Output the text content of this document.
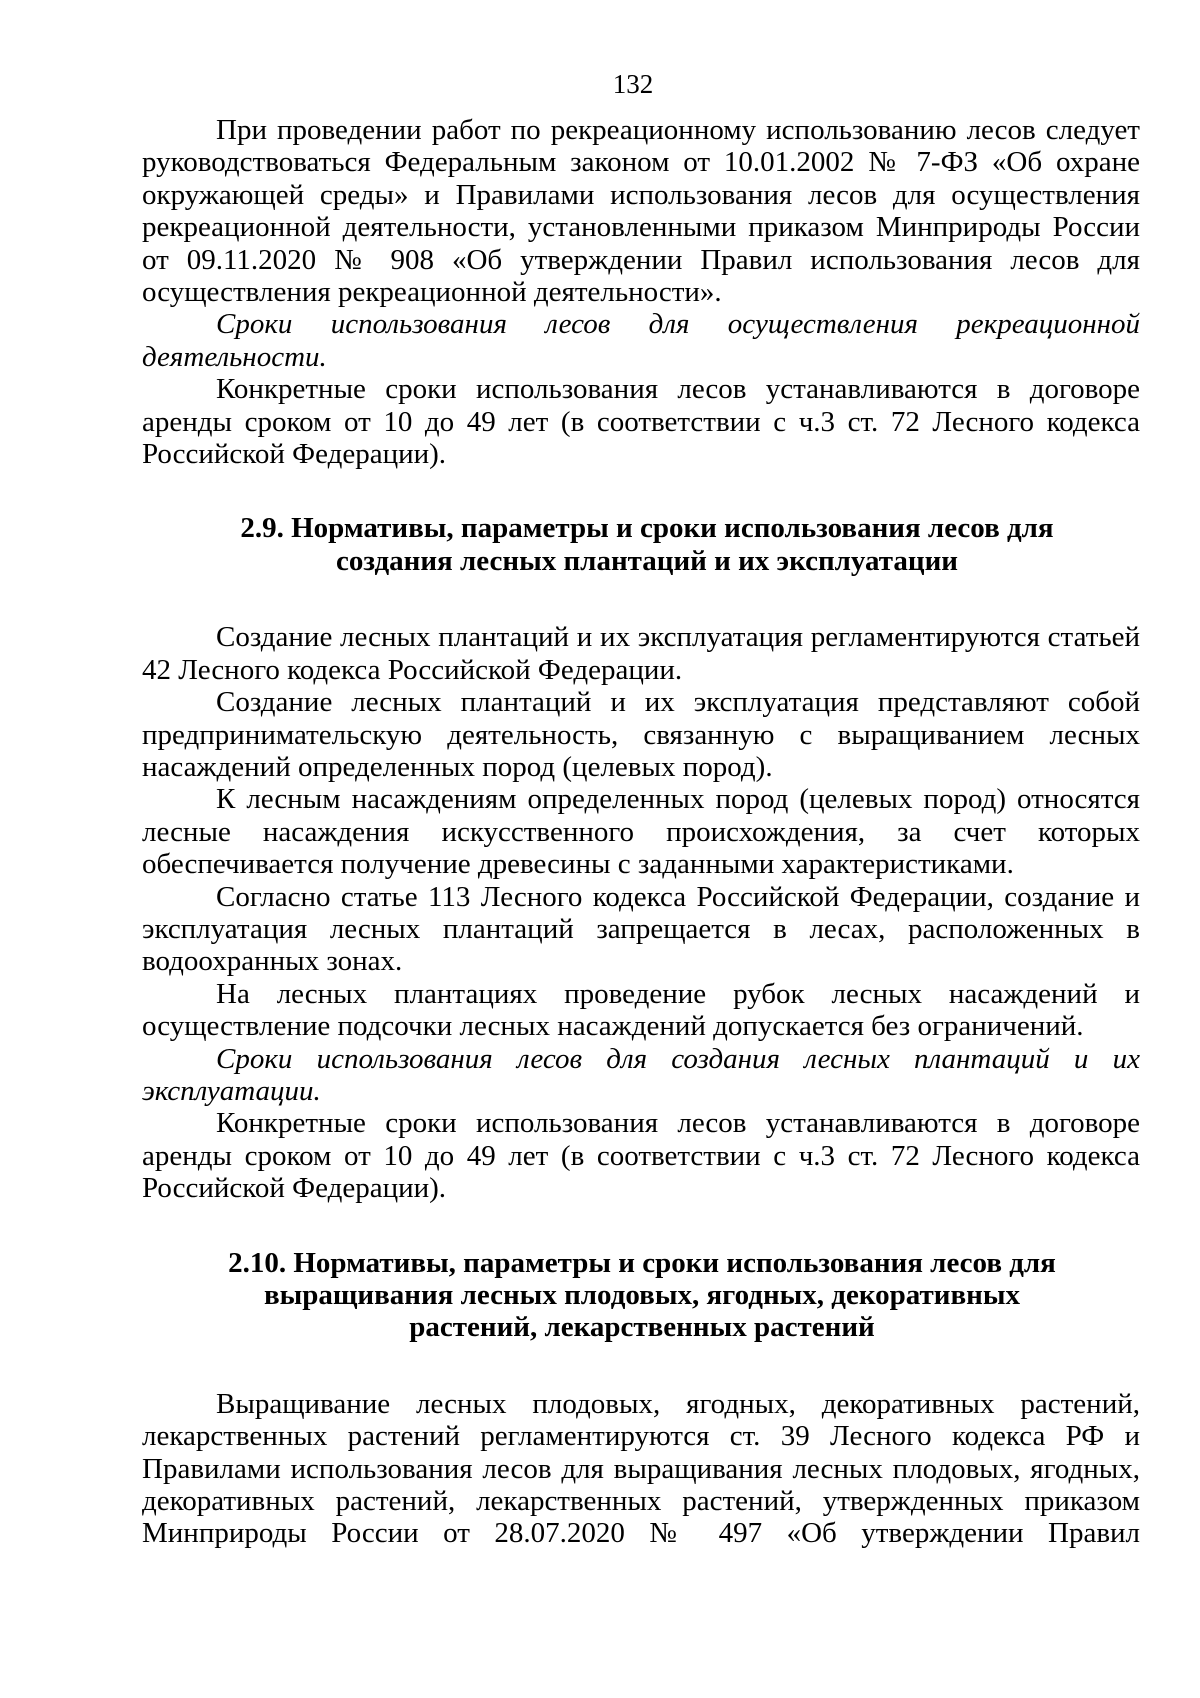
132

При проведении работ по рекреационному использованию лесов следует руководствоваться Федеральным законом от 10.01.2002 № 7-ФЗ «Об охране окружающей среды» и Правилами использования лесов для осуществления рекреационной деятельности, установленными приказом Минприроды России от 09.11.2020 № 908 «Об утверждении Правил использования лесов для осуществления рекреационной деятельности».

Сроки использования лесов для осуществления рекреационной деятельности.

Конкретные сроки использования лесов устанавливаются в договоре аренды сроком от 10 до 49 лет (в соответствии с ч.3 ст. 72 Лесного кодекса Российской Федерации).

2.9. Нормативы, параметры и сроки использования лесов для создания лесных плантаций и их эксплуатации

Создание лесных плантаций и их эксплуатация регламентируются статьей 42 Лесного кодекса Российской Федерации.

Создание лесных плантаций и их эксплуатация представляют собой предпринимательскую деятельность, связанную с выращиванием лесных насаждений определенных пород (целевых пород).

К лесным насаждениям определенных пород (целевых пород) относятся лесные насаждения искусственного происхождения, за счет которых обеспечивается получение древесины с заданными характеристиками.

Согласно статье 113 Лесного кодекса Российской Федерации, создание и эксплуатация лесных плантаций запрещается в лесах, расположенных в водоохранных зонах.

На лесных плантациях проведение рубок лесных насаждений и осуществление подсочки лесных насаждений допускается без ограничений.

Сроки использования лесов для создания лесных плантаций и их эксплуатации.

Конкретные сроки использования лесов устанавливаются в договоре аренды сроком от 10 до 49 лет (в соответствии с ч.3 ст. 72 Лесного кодекса Российской Федерации).

2.10. Нормативы, параметры и сроки использования лесов для выращивания лесных плодовых, ягодных, декоративных растений, лекарственных растений

Выращивание лесных плодовых, ягодных, декоративных растений, лекарственных растений регламентируются ст. 39 Лесного кодекса РФ и Правилами использования лесов для выращивания лесных плодовых, ягодных, декоративных растений, лекарственных растений, утвержденных приказом Минприроды России от 28.07.2020 № 497 «Об утверждении Правил
